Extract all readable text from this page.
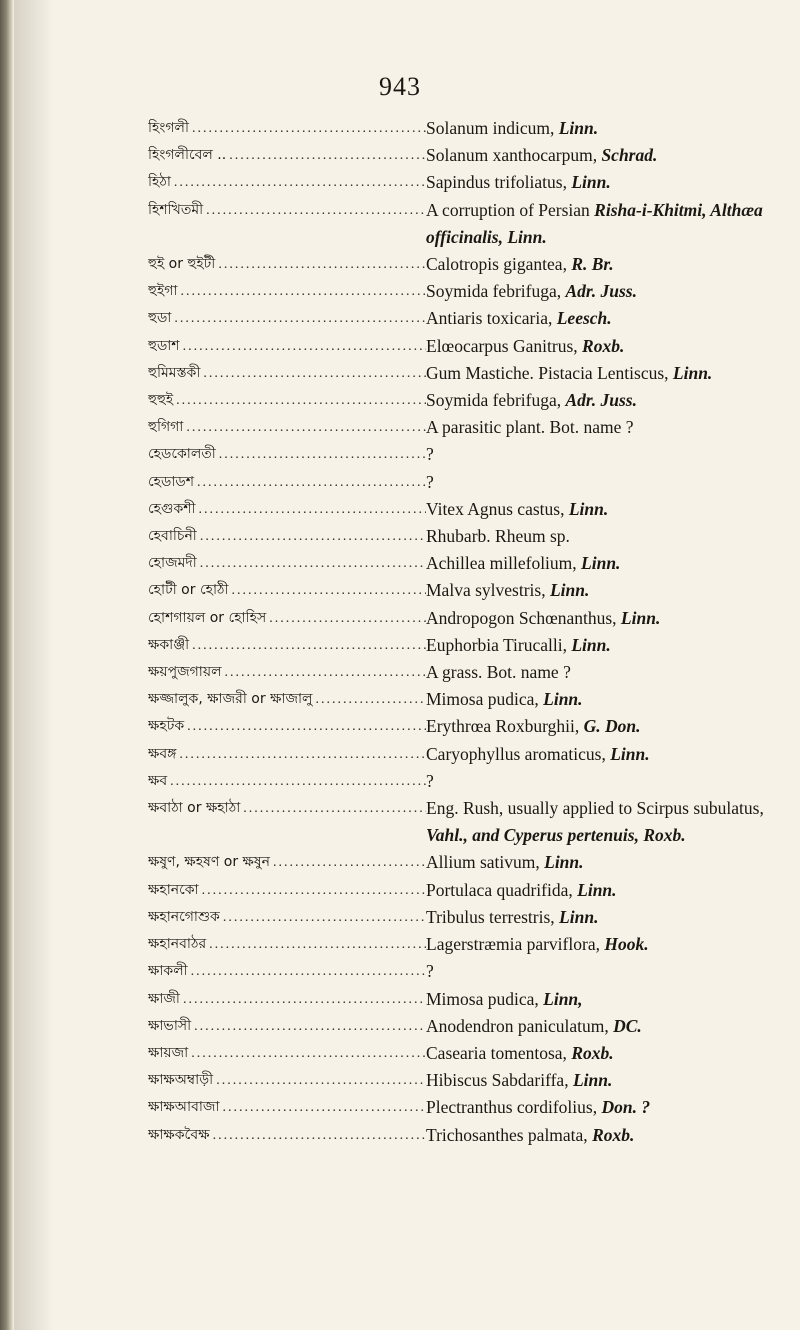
943
হিংগলী .....	Solanum indicum, Linn.
হিংগলীবেল .. .....	Solanum xanthocarpum, Schrad.
হিঠা .....	Sapindus trifoliatus, Linn.
হিশখিতমী .....	A corruption of Persian Risha-i-Khitmi, Althæa officinalis, Linn.
হুই or হুইটী .....	Calotropis gigantea, R. Br.
হুইগা .....	Soymida febrifuga, Adr. Juss.
হুডা .....	Antiaris toxicaria, Leesch.
হুডাশ .....	Elœocarpus Ganitrus, Roxb.
হুমিমস্তকী .....	Gum Mastiche. Pistacia Lentiscus, Linn.
হুহুই .....	Soymida febrifuga, Adr. Juss.
হুগিগা .....	A parasitic plant. Bot. name ?
হেডকোলতী .....	?
হেডাডশ .....	?
হেগুকশী .....	Vitex Agnus castus, Linn.
হেবাচিনী .....	Rhubarb. Rheum sp.
হোজমদী .....	Achillea millefolium, Linn.
হোটী or হোঠী .....	Malva sylvestris, Linn.
হোশগায়ল or হোহিস .....	Andropogon Schœnanthus, Linn.
ক্ষকাঞ্জী .....	Euphorbia Tirucalli, Linn.
ক্ষয়পুজগায়ল .....	A grass. Bot. name ?
ক্ষজ্জালুক, ক্ষাজরী or ক্ষাজালু .....	Mimosa pudica, Linn.
ক্ষহটক .....	Erythrœa Roxburghii, G. Don.
ক্ষবঙ্গ .....	Caryophyllus aromaticus, Linn.
ক্ষব .....	?
ক্ষবাঠা or ক্ষহাঠা .....	Eng. Rush, usually applied to Scirpus subulatus, Vahl., and Cyperus pertenuis, Roxb.
ক্ষষুণ, ক্ষহষণ or ক্ষষুন .....	Allium sativum, Linn.
ক্ষহানকো .....	Portulaca quadrifida, Linn.
ক্ষহানগোশুক .....	Tribulus terrestris, Linn.
ক্ষহানবাঠর .....	Lagerstræmia parviflora, Hook.
ক্ষাকলী .....	?
ক্ষাজী .....	Mimosa pudica, Linn,
ক্ষাভাসী .....	Anodendron paniculatum, DC.
ক্ষায়জা .....	Casearia tomentosa, Roxb.
ক্ষাক্ষঅম্বাড়ী .....	Hibiscus Sabdariffa, Linn.
ক্ষাক্ষআবাজা .....	Plectranthus cordifolius, Don. ?
ক্ষাক্ষকবৈক্ষ .....	Trichosanthes palmata, Roxb.
